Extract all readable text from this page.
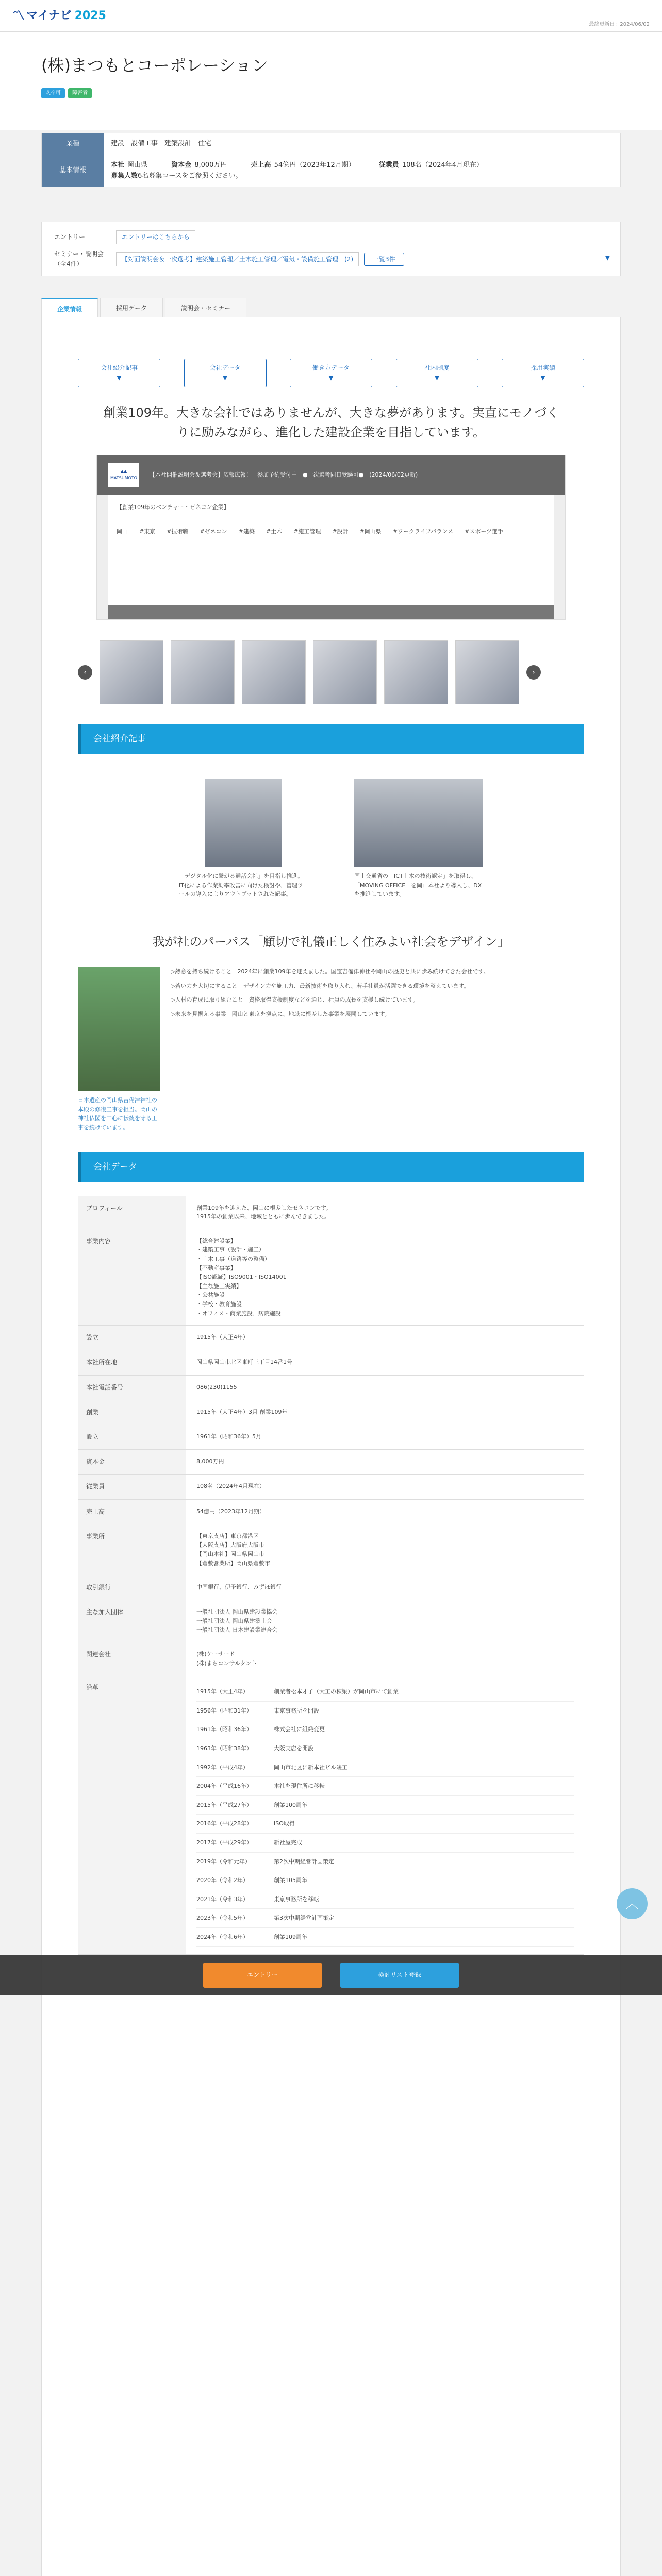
〽 マイナビ 2025
最終更新日：2024/06/02
(株)まつもとコーポレーション
既卒可	障害者
業種	建設　設備工事　建築設計　住宅
基本情報
本社 岡山県	資本金 8,000万円	売上高 54億円（2023年12月期）	従業員 108名（2024年4月現在）
募集人数6名募集コースをご参照ください。
エントリー	エントリーはこちらから
セミナー・説明会（全4件）
【対面説明会＆一次選考】建築施工管理／土木施工管理／電気・設備施工管理　(2)	一覧3件	▼
企業情報	採用データ	説明会・セミナー
会社紹介記事
▼
会社データ
▼
働き方データ
▼
社内制度
▼
採用実績
▼
創業109年。大きな会社ではありませんが、大きな夢があります。実直にモノづくりに励みながら、進化した建設企業を目指しています。
▲▲
MATSUMOTO 【本社開催説明会＆選考会】広報広報！　参加予約受付中　●一次選考同日受験可●　(2024/06/02更新)
【創業109年のベンチャー・ゼネコン企業】
岡山 #東京 #技術職 #ゼネコン #建築 #土木 #施工管理 #設計 #岡山県 #ワークライフバランス #スポーツ選手
‹	›
会社紹介記事
「デジタル化に繋がる通話会社」を目指し推進。IT化による作業効率改善に向けた検討や、管理ツールの導入によりアウトプットされた記事。
国土交通省の「ICT土木の技術認定」を取得し、「MOVING OFFICE」を岡山本社より導入し、DXを推進しています。
我が社のパーパス「顧切で礼儀正しく住みよい社会をデザイン」
日本遺産の岡山県吉備津神社の本殿の修復工事を担当。岡山の神社仏閣を中心に伝統を守る工事を続けています。

▷熱意を持ち続けること　2024年に創業109年を迎えました。国宝吉備津神社や岡山の歴史と共に歩み続けてきた会社です。

▷若い力を大切にすること　デザイン力や施工力、最新技術を取り入れ、若手社員が活躍できる環境を整えています。

▷人材の育成に取り組むこと　資格取得支援制度などを通じ、社員の成長を支援し続けています。

▷未来を見据える事業　岡山と東京を拠点に、地域に根差した事業を展開しています。

会社データ
プロフィール	創業109年を迎えた、岡山に根差したゼネコンです。
1915年の創業以来、地域とともに歩んできました。
事業内容	【総合建設業】
・建築工事（設計・施工）
・土木工事（道路等の整備）
【不動産事業】
【ISO認証】ISO9001・ISO14001
【主な施工実績】
・公共施設
・学校・教育施設
・オフィス・商業施設、病院施設
設立	1915年（大正4年）
本社所在地	岡山県岡山市北区東町三丁目14番1号
本社電話番号	086(230)1155
創業	1915年（大正4年）3月 創業109年
設立	1961年（昭和36年）5月
資本金	8,000万円
従業員	108名（2024年4月現在）
売上高	54億円（2023年12月期）
事業所	【東京支店】東京都港区
【大阪支店】大阪府大阪市
【岡山本社】岡山県岡山市
【倉敷営業所】岡山県倉敷市
取引銀行	中国銀行、伊予銀行、みずほ銀行
主な加入団体	一般社団法人 岡山県建設業協会
一般社団法人 岡山県建築士会
一般社団法人 日本建設業連合会
関連会社	(株)ケーサード
(株)まちコンサルタント
沿革
1915年（大正4年）	創業者松本才子（大工の棟梁）が岡山市にて創業
1956年（昭和31年）	東京事務所を開設
1961年（昭和36年）	株式会社に組織変更
1963年（昭和38年）	大阪支店を開設
1992年（平成4年）	岡山市北区に新本社ビル竣工
2004年（平成16年）	本社を現住所に移転
2015年（平成27年）	創業100周年
2016年（平成28年）	ISO取得
2017年（平成29年）	新社屋完成
2019年（令和元年）	第2次中期経営計画策定
2020年（令和2年）	創業105周年
2021年（令和3年）	東京事務所を移転
2023年（令和5年）	第3次中期経営計画策定
2024年（令和6年）	創業109周年
︿
エントリー	検討リスト登録
